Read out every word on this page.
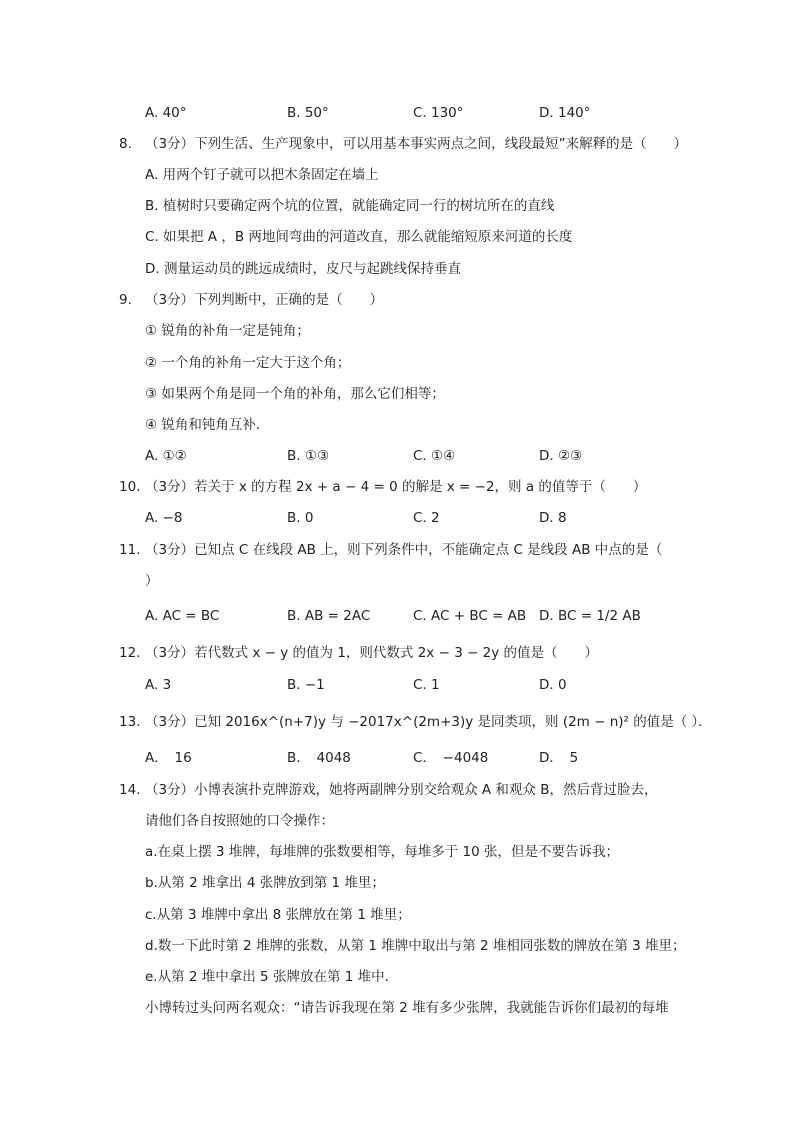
A. 40°	B. 50°	C. 130°	D. 140°
8. （3分）下列生活、生产现象中，可以用基本事实两点之间，线段最短”来解释的是（　　）
A. 用两个钉子就可以把木条固定在墙上
B. 植树时只要确定两个坑的位置，就能确定同一行的树坑所在的直线
C. 如果把 A ，B 两地间弯曲的河道改直，那么就能缩短原来河道的长度
D. 测量运动员的跳远成绩时，皮尺与起跳线保持垂直
9. （3分）下列判断中，正确的是（　　）
① 锐角的补角一定是钝角；
② 一个角的补角一定大于这个角；
③ 如果两个角是同一个角的补角，那么它们相等；
④ 锐角和钝角互补．
A. ①②	B. ①③	C. ①④	D. ②③
10. （3分）若关于 x 的方程 2x + a − 4 = 0 的解是 x = −2，则 a 的值等于（　　）
A. −8	B. 0	C. 2	D. 8
11. （3分）已知点 C 在线段 AB 上，则下列条件中，不能确定点 C 是线段 AB 中点的是（
）
A. AC = BC	B. AB = 2AC	C. AC + BC = AB D. BC = 1/2 AB
12. （3分）若代数式 x − y 的值为 1，则代数式 2x − 3 − 2y 的值是（　　）
A. 3	B. −1	C. 1	D. 0
13. （3分）已知 2016x^(n+7)y 与 −2017x^(2m+3)y 是同类项，则 (2m − n)² 的值是（ ）．
A．　16	B．　4048	C．　−4048	D．　5
14. （3分）小博表演扑克牌游戏，她将两副牌分别交给观众 A 和观众 B，然后背过脸去，
请他们各自按照她的口令操作：
a.在桌上摆 3 堆牌，每堆牌的张数要相等，每堆多于 10 张，但是不要告诉我；
b.从第 2 堆拿出 4 张牌放到第 1 堆里；
c.从第 3 堆牌中拿出 8 张牌放在第 1 堆里；
d.数一下此时第 2 堆牌的张数，从第 1 堆牌中取出与第 2 堆相同张数的牌放在第 3 堆里；
e.从第 2 堆中拿出 5 张牌放在第 1 堆中．
小博转过头问两名观众：“请告诉我现在第 2 堆有多少张牌，我就能告诉你们最初的每堆
